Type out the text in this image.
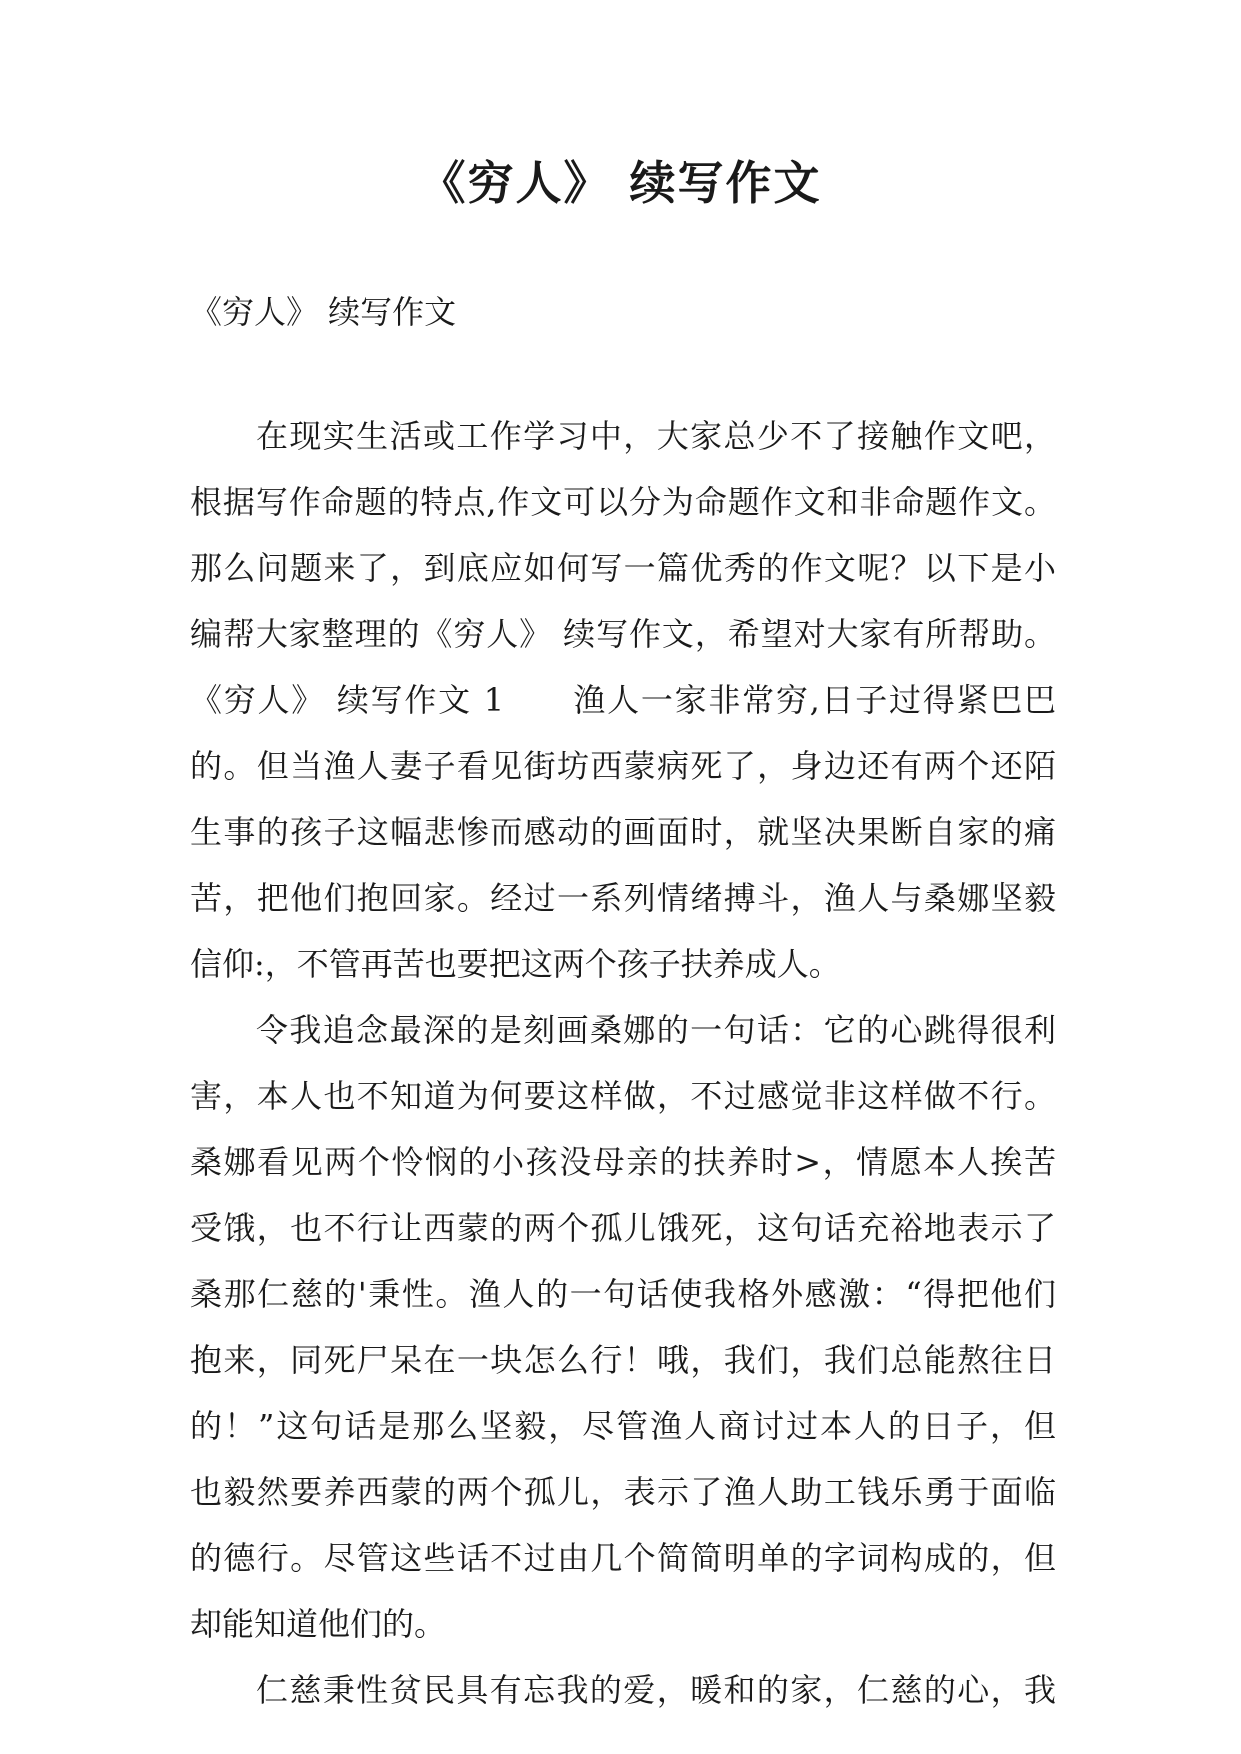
《穷人》 续写作文

《穷人》 续写作文

在现实生活或工作学习中，大家总少不了接触作文吧，
根据写作命题的特点,作文可以分为命题作文和非命题作文。
那么问题来了，到底应如何写一篇优秀的作文呢？以下是小
编帮大家整理的《穷人》 续写作文，希望对大家有所帮助。
《穷人》 续写作文 1　　渔人一家非常穷,日子过得紧巴巴
的。但当渔人妻子看见街坊西蒙病死了，身边还有两个还陌
生事的孩子这幅悲惨而感动的画面时，就坚决果断自家的痛
苦，把他们抱回家。经过一系列情绪搏斗，渔人与桑娜坚毅
信仰:，不管再苦也要把这两个孩子扶养成人。
令我追念最深的是刻画桑娜的一句话：它的心跳得很利
害，本人也不知道为何要这样做，不过感觉非这样做不行。
桑娜看见两个怜悯的小孩没母亲的扶养时>，情愿本人挨苦
受饿，也不行让西蒙的两个孤儿饿死，这句话充裕地表示了
桑那仁慈的'秉性。渔人的一句话使我格外感激：“得把他们
抱来，同死尸呆在一块怎么行！哦，我们，我们总能熬往日
的！”这句话是那么坚毅，尽管渔人商讨过本人的日子，但
也毅然要养西蒙的两个孤儿，表示了渔人助工钱乐勇于面临
的德行。尽管这些话不过由几个简简明单的字词构成的，但
却能知道他们的。
仁慈秉性贫民具有忘我的爱，暖和的家，仁慈的心，我
